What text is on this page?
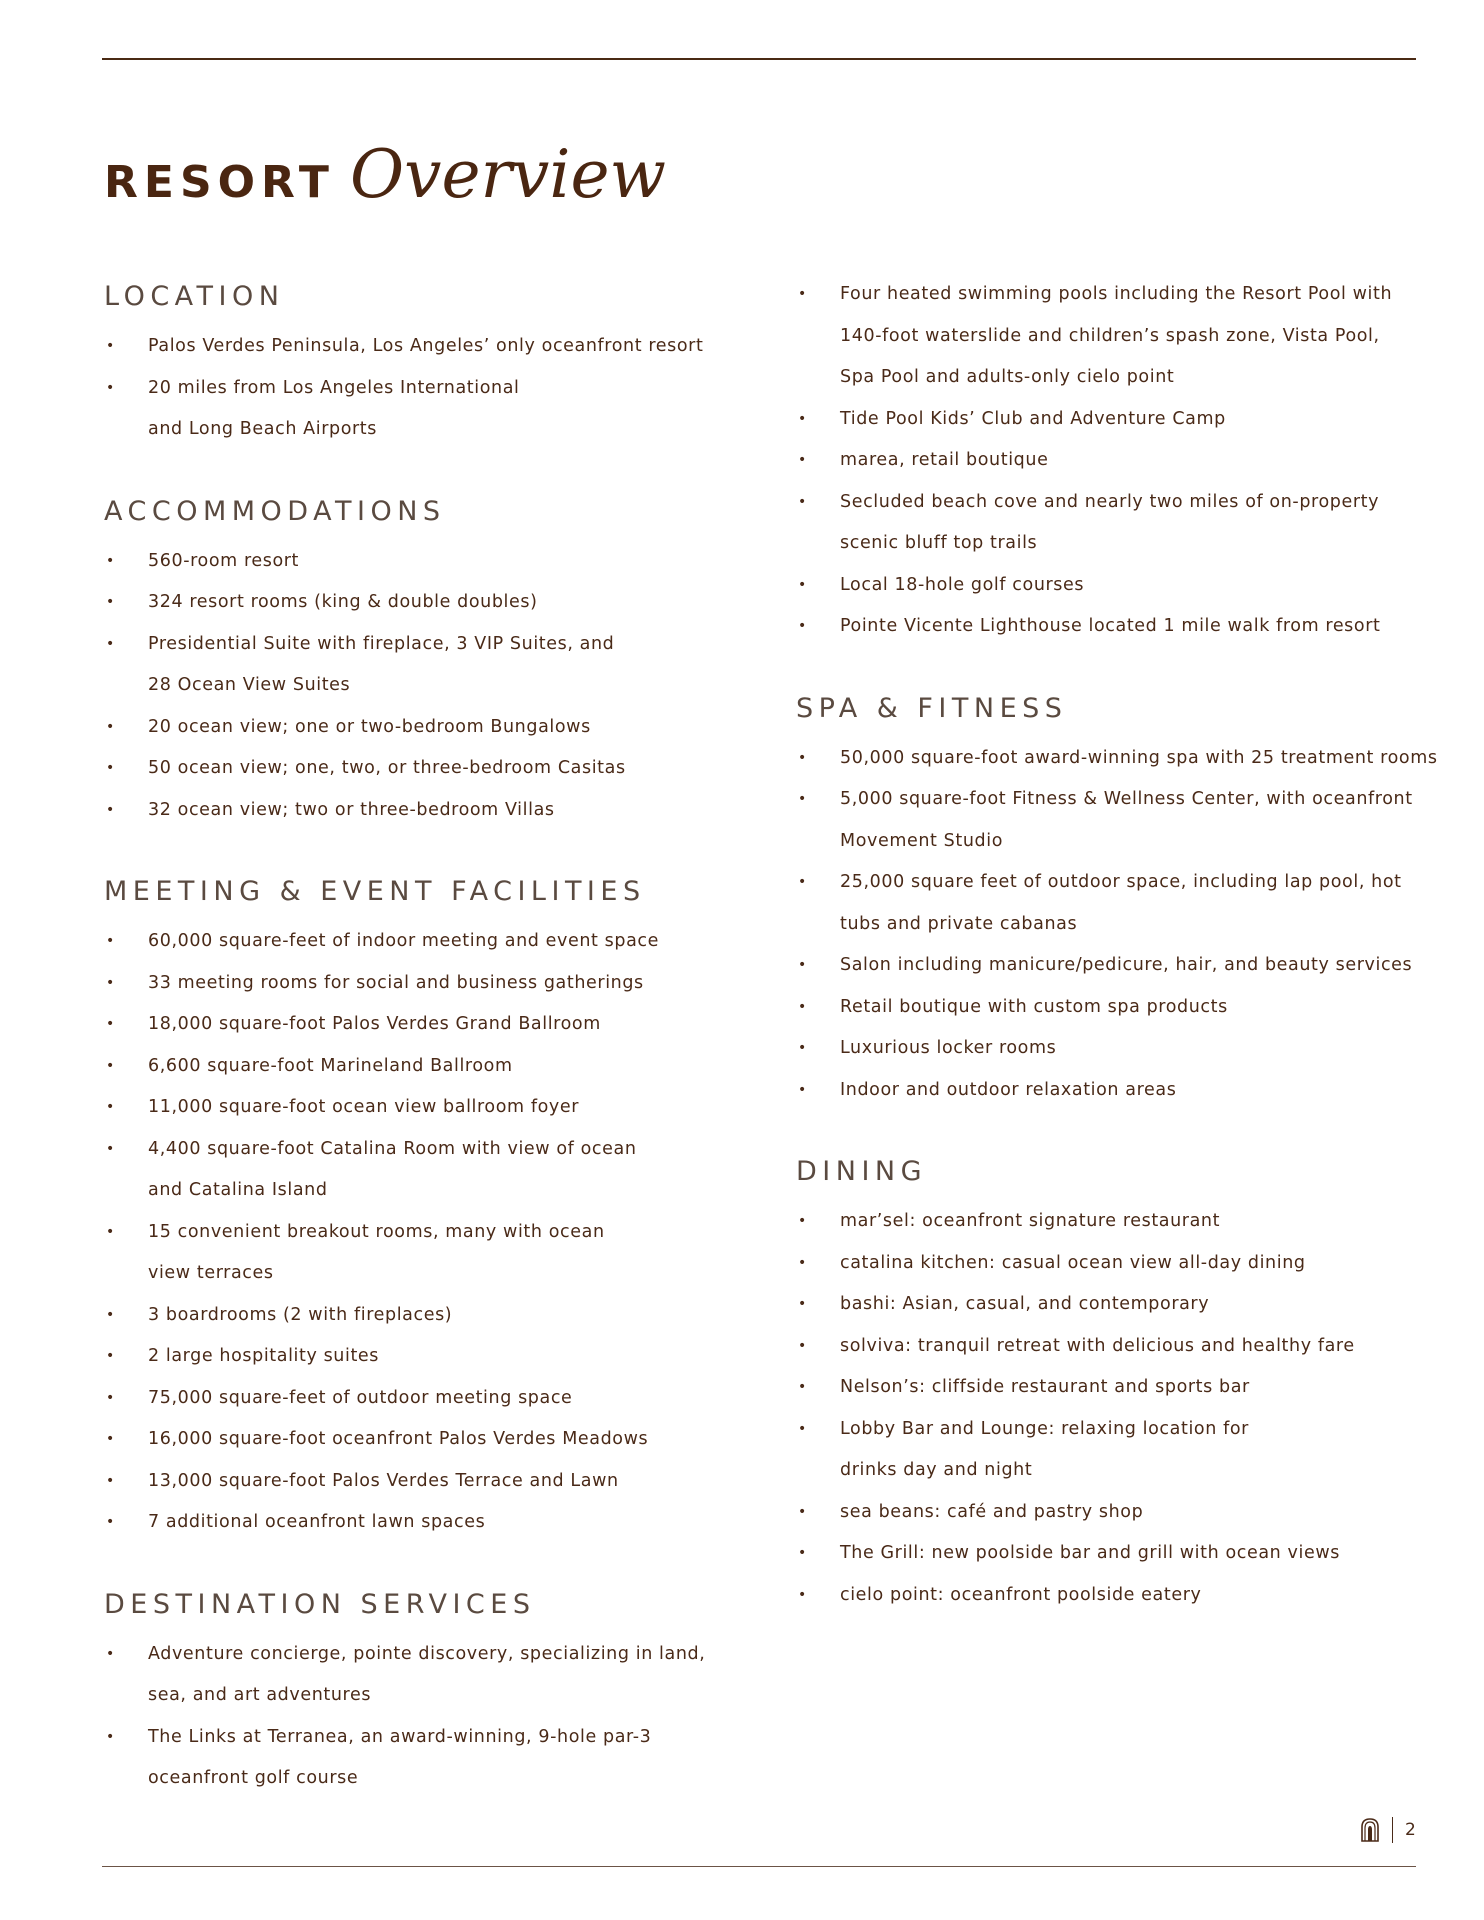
RESORT Overview
LOCATION
•	Palos Verdes Peninsula, Los Angeles’ only oceanfront resort
•	20 miles from Los Angeles International
and Long Beach Airports
ACCOMMODATIONS
•	560-room resort
•	324 resort rooms (king & double doubles)
•	Presidential Suite with fireplace, 3 VIP Suites, and
28 Ocean View Suites
•	20 ocean view; one or two-bedroom Bungalows
•	50 ocean view; one, two, or three-bedroom Casitas
•	32 ocean view; two or three-bedroom Villas
MEETING & EVENT FACILITIES
•	60,000 square-feet of indoor meeting and event space
•	33 meeting rooms for social and business gatherings
•	18,000 square-foot Palos Verdes Grand Ballroom
•	6,600 square-foot Marineland Ballroom
•	11,000 square-foot ocean view ballroom foyer
•	4,400 square-foot Catalina Room with view of ocean
and Catalina Island
•	15 convenient breakout rooms, many with ocean
view terraces
•	3 boardrooms (2 with fireplaces)
•	2 large hospitality suites
•	75,000 square-feet of outdoor meeting space
•	16,000 square-foot oceanfront Palos Verdes Meadows
•	13,000 square-foot Palos Verdes Terrace and Lawn
•	7 additional oceanfront lawn spaces
DESTINATION SERVICES
•	Adventure concierge, pointe discovery, specializing in land,
sea, and art adventures
•	The Links at Terranea, an award-winning, 9-hole par-3
oceanfront golf course
•	Four heated swimming pools including the Resort Pool with
140-foot waterslide and children’s spash zone, Vista Pool,
Spa Pool and adults-only cielo point
•	Tide Pool Kids’ Club and Adventure Camp
•	marea, retail boutique
•	Secluded beach cove and nearly two miles of on-property
scenic bluff top trails
•	Local 18-hole golf courses
•	Pointe Vicente Lighthouse located 1 mile walk from resort
SPA & FITNESS
•	50,000 square-foot award-winning spa with 25 treatment rooms
•	5,000 square-foot Fitness & Wellness Center, with oceanfront
Movement Studio
•	25,000 square feet of outdoor space, including lap pool, hot
tubs and private cabanas
•	Salon including manicure/pedicure, hair, and beauty services
•	Retail boutique with custom spa products
•	Luxurious locker rooms
•	Indoor and outdoor relaxation areas
DINING
•	mar’sel: oceanfront signature restaurant
•	catalina kitchen: casual ocean view all-day dining
•	bashi: Asian, casual, and contemporary
•	solviva: tranquil retreat with delicious and healthy fare
•	Nelson’s: cliffside restaurant and sports bar
•	Lobby Bar and Lounge: relaxing location for
drinks day and night
•	sea beans: café and pastry shop
•	The Grill: new poolside bar and grill with ocean views
•	cielo point: oceanfront poolside eatery
2
